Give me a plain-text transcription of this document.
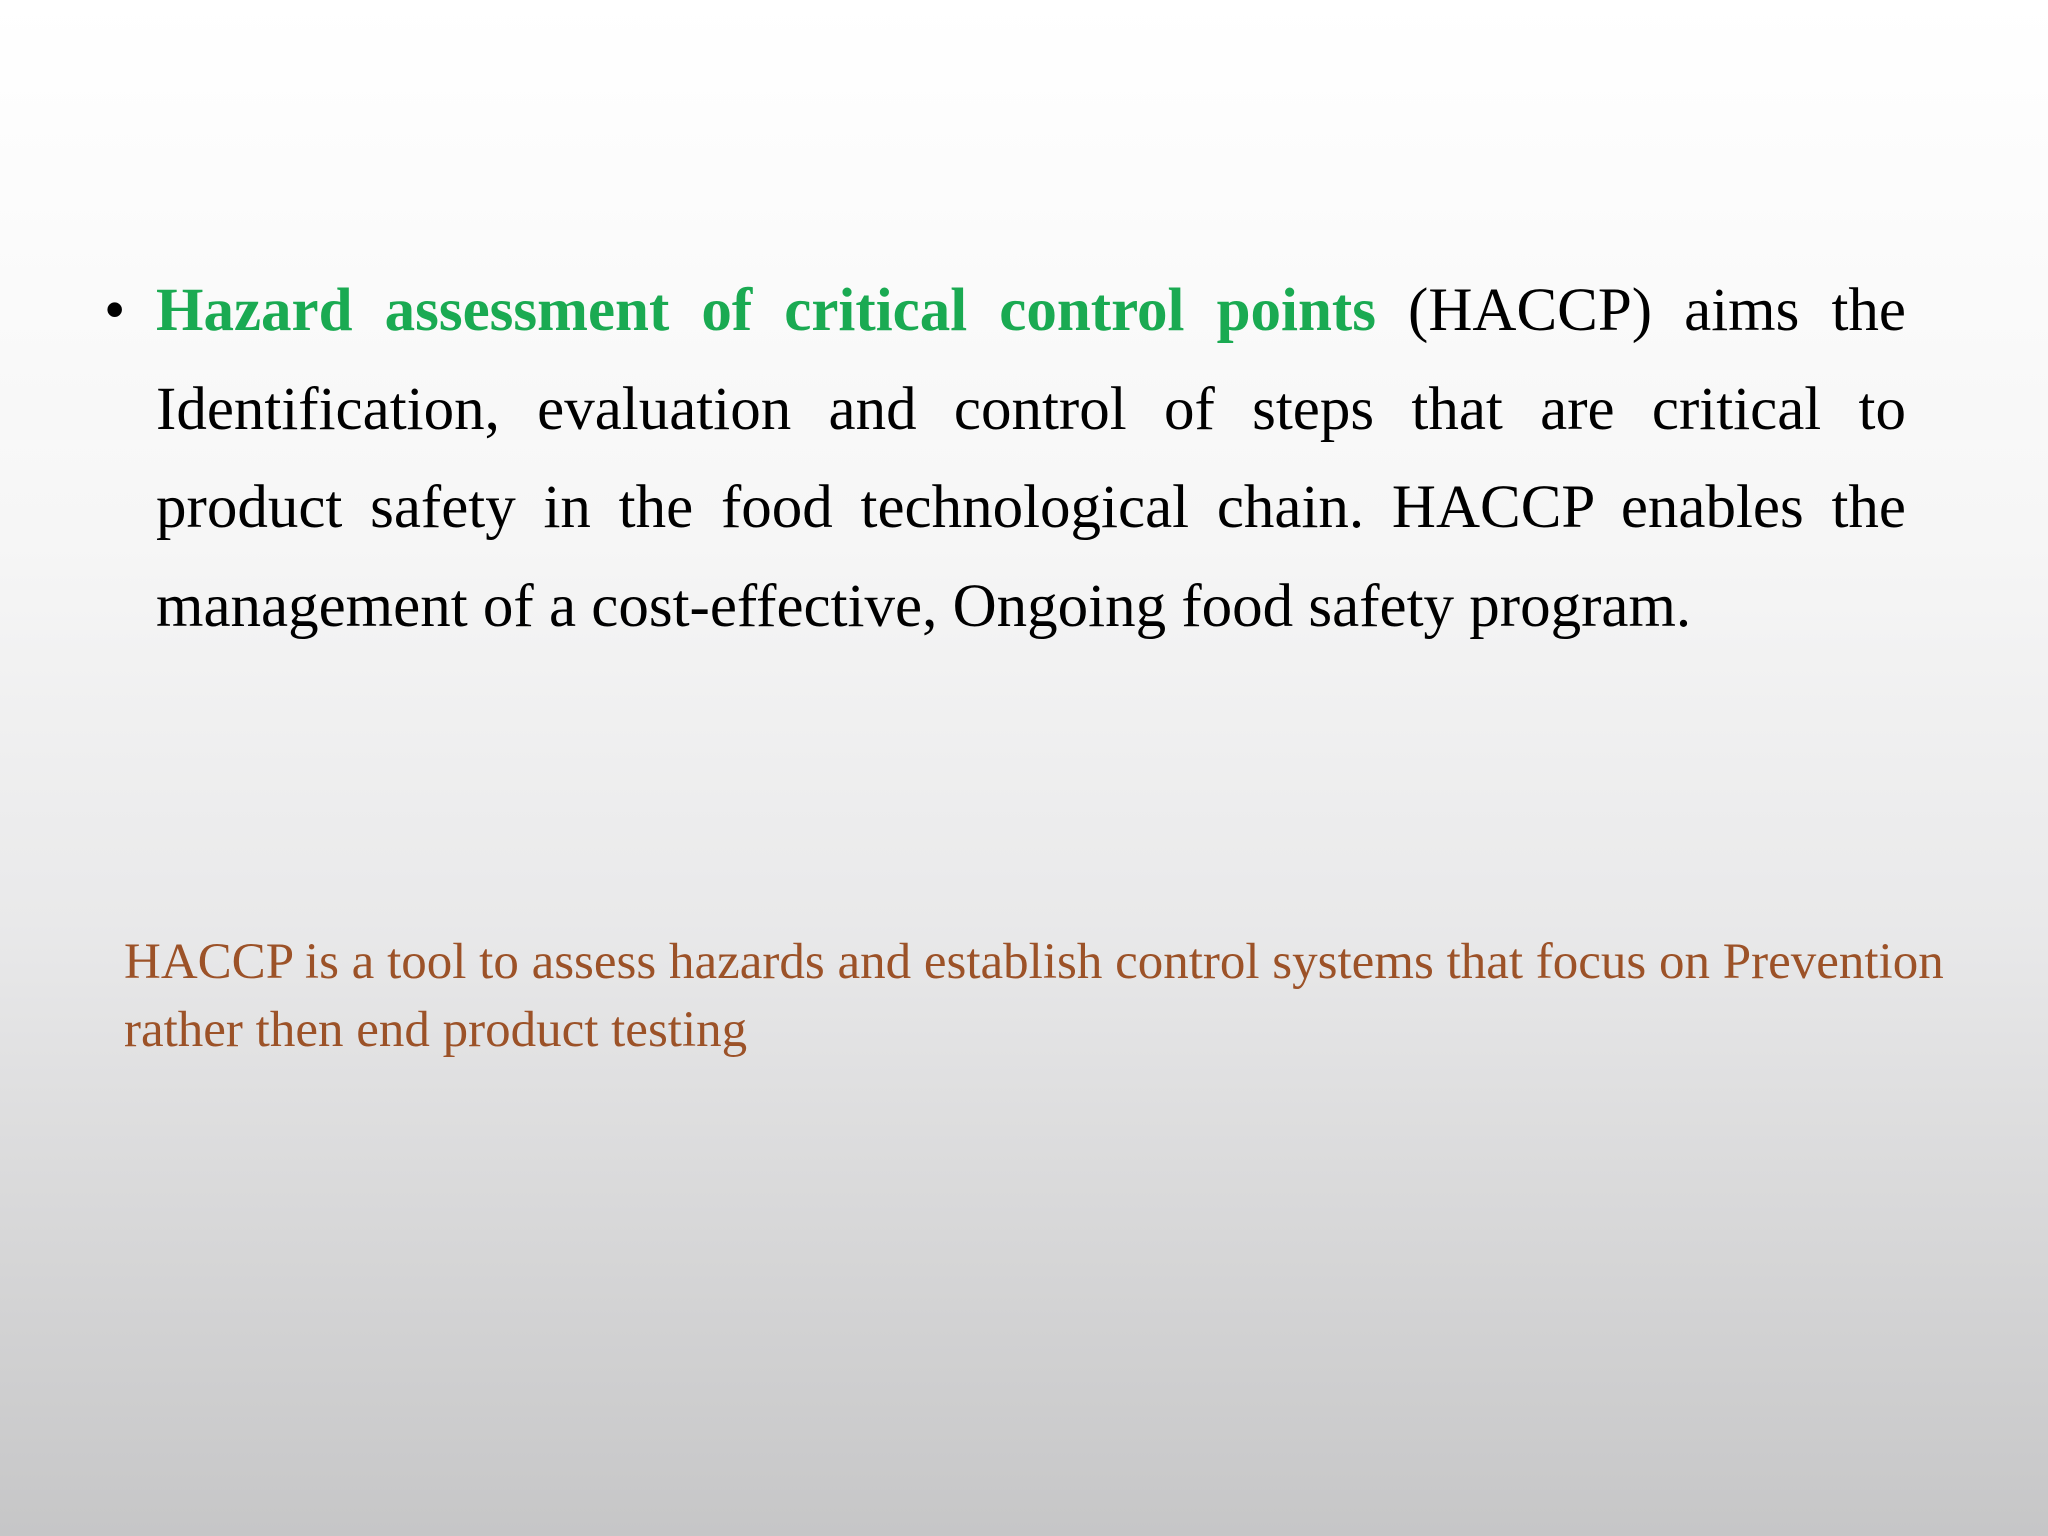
• Hazard assessment of critical control points (HACCP) aims the Identification, evaluation and control of steps that are critical to product safety in the food technological chain. HACCP enables the management of a cost-effective, Ongoing food safety program.
HACCP is a tool to assess hazards and establish control systems that focus on Prevention rather then end product testing
